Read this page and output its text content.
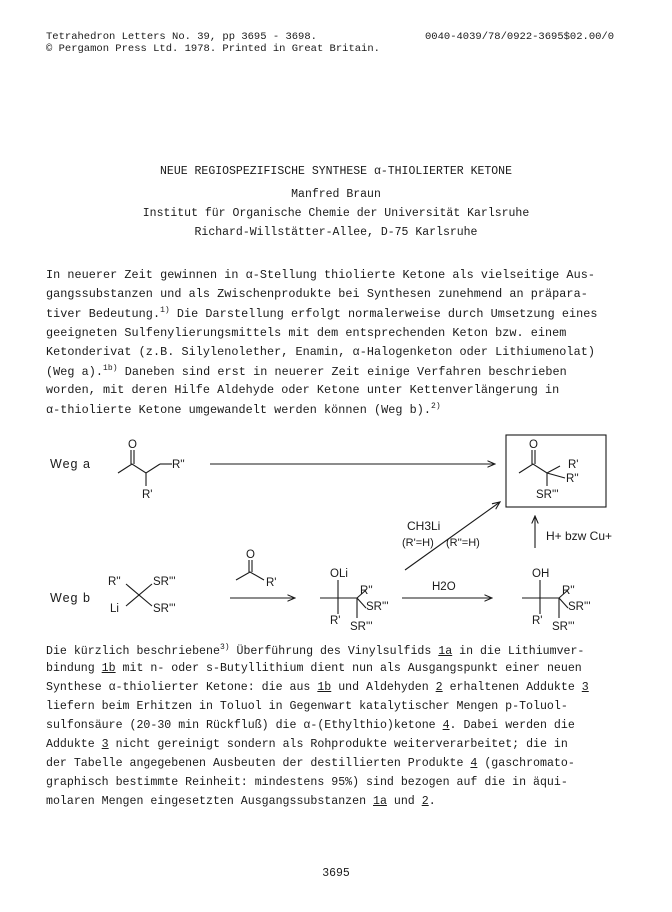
Tetrahedron Letters No. 39, pp 3695 - 3698.	0040-4039/78/0922-3695$02.00/0
© Pergamon Press Ltd. 1978. Printed in Great Britain.
NEUE REGIOSPEZIFISCHE SYNTHESE α-THIOLIERTER KETONE
Manfred Braun
Institut für Organische Chemie der Universität Karlsruhe
Richard-Willstätter-Allee, D-75 Karlsruhe
In neuerer Zeit gewinnen in α-Stellung thiolierte Ketone als vielseitige Aus-
gangssubstanzen und als Zwischenprodukte bei Synthesen zunehmend an präpara-
tiver Bedeutung.$^{1)}$ Die Darstellung erfolgt normalerweise durch Umsetzung eines
geeigneten Sulfenylierungsmittels mit dem entsprechenden Keton bzw. einem
Ketonderivat (z.B. Silylenolether, Enamin, α-Halogenketon oder Lithiumenolat)
(Weg a).$^{1b)}$ Daneben sind erst in neuerer Zeit einige Verfahren beschrieben
worden, mit deren Hilfe Aldehyde oder Ketone unter Kettenverlängerung in
α-thiolierte Ketone umgewandelt werden können (Weg b).$^{2)}$
Weg a
Weg b
O
R''
R'
O
R'
R''
SR'''
CH3Li
(R'=H) (R''=H)	H+ bzw Cu+
R''	SR'''
Li	SR'''
O
R'
OLi
R''
SR'''
R' SR'''
H2O
OH
R''
SR'''
R' SR'''
Die kürzlich beschriebene$^{3)}$ Überführung des Vinylsulfids 1a in die Lithiumver-
bindung 1b mit n- oder s-Butyllithium dient nun als Ausgangspunkt einer neuen
Synthese α-thiolierter Ketone: die aus 1b und Aldehyden 2 erhaltenen Addukte 3
liefern beim Erhitzen in Toluol in Gegenwart katalytischer Mengen p-Toluol-
sulfonsäure (20-30 min Rückfluß) die α-(Ethylthio)ketone 4. Dabei werden die
Addukte 3 nicht gereinigt sondern als Rohprodukte weiterverarbeitet; die in
der Tabelle angegebenen Ausbeuten der destillierten Produkte 4 (gaschromato-
graphisch bestimmte Reinheit: mindestens 95%) sind bezogen auf die in äqui-
molaren Mengen eingesetzten Ausgangssubstanzen 1a und 2.
3695
